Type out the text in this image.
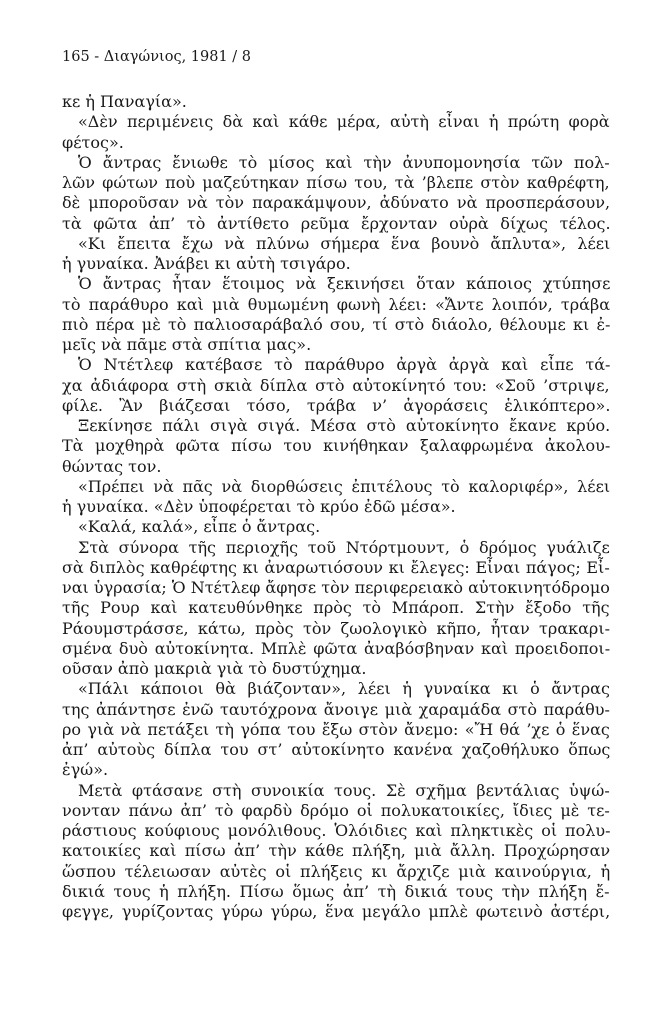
165 - Διαγώνιος, 1981 / 8
κε ἡ Παναγία».
«Δὲν περιμένεις δὰ καὶ κάθε μέρα, αὐτὴ εἶναι ἡ πρώτη φορὰ
φέτος».
Ὁ ἄντρας ἔνιωθε τὸ μίσος καὶ τὴν ἀνυπομονησία τῶν πολ-
λῶν φώτων ποὺ μαζεύτηκαν πίσω του, τὰ ’βλεπε στὸν καθρέφτη,
δὲ μποροῦσαν νὰ τὸν παρακάμψουν, ἀδύνατο νὰ προσπεράσουν,
τὰ φῶτα ἀπ’ τὸ ἀντίθετο ρεῦμα ἔρχονταν οὐρὰ δίχως τέλος.
«Κι ἔπειτα ἔχω νὰ πλύνω σήμερα ἕνα βουνὸ ἄπλυτα», λέει
ἡ γυναίκα. Ἀνάβει κι αὐτὴ τσιγάρο.
Ὁ ἄντρας ἦταν ἕτοιμος νὰ ξεκινήσει ὅταν κάποιος χτύπησε
τὸ παράθυρο καὶ μιὰ θυμωμένη φωνὴ λέει: «Ἄντε λοιπόν, τράβα
πιὸ πέρα μὲ τὸ παλιοσαράβαλό σου, τί στὸ διάολο, θέλουμε κι ἐ-
μεῖς νὰ πᾶμε στὰ σπίτια μας».
Ὁ Ντέτλεφ κατέβασε τὸ παράθυρο ἀργὰ ἀργὰ καὶ εἶπε τά-
χα ἀδιάφορα στὴ σκιὰ δίπλα στὸ αὐτοκίνητό του: «Σοῦ ’στριψε,
φίλε. Ἂν βιάζεσαι τόσο, τράβα ν’ ἀγοράσεις ἑλικόπτερο».
Ξεκίνησε πάλι σιγὰ σιγά. Μέσα στὸ αὐτοκίνητο ἔκανε κρύο.
Τὰ μοχθηρὰ φῶτα πίσω του κινήθηκαν ξαλαφρωμένα ἀκολου-
θώντας τον.
«Πρέπει νὰ πᾶς νὰ διορθώσεις ἐπιτέλους τὸ καλοριφέρ», λέει
ἡ γυναίκα. «Δὲν ὑποφέρεται τὸ κρύο ἐδῶ μέσα».
«Καλά, καλά», εἶπε ὁ ἄντρας.
Στὰ σύνορα τῆς περιοχῆς τοῦ Ντόρτμουντ, ὁ δρόμος γυάλιζε
σὰ διπλὸς καθρέφτης κι ἀναρωτιόσουν κι ἔλεγες: Εἶναι πάγος; Εἶ-
ναι ὑγρασία; Ὁ Ντέτλεφ ἄφησε τὸν περιφερειακὸ αὐτοκινητόδρομο
τῆς Ρουρ καὶ κατευθύνθηκε πρὸς τὸ Μπάροπ. Στὴν ἔξοδο τῆς
Ράουμστράσσε, κάτω, πρὸς τὸν ζωολογικὸ κῆπο, ἦταν τρακαρι-
σμένα δυὸ αὐτοκίνητα. Μπλὲ φῶτα ἀναβόσβηναν καὶ προειδοποι-
οῦσαν ἀπὸ μακριὰ γιὰ τὸ δυστύχημα.
«Πάλι κάποιοι θὰ βιάζονταν», λέει ἡ γυναίκα κι ὁ ἄντρας
της ἀπάντησε ἐνῶ ταυτόχρονα ἄνοιγε μιὰ χαραμάδα στὸ παράθυ-
ρο γιὰ νὰ πετάξει τὴ γόπα του ἔξω στὸν ἄνεμο: «Ἤ θά ’χε ὁ ἕνας
ἀπ’ αὐτοὺς δίπλα του στ’ αὐτοκίνητο κανένα χαζοθήλυκο ὅπως
ἐγώ».
Μετὰ φτάσανε στὴ συνοικία τους. Σὲ σχῆμα βεντάλιας ὑψώ-
νονταν πάνω ἀπ’ τὸ φαρδὺ δρόμο οἱ πολυκατοικίες, ἴδιες μὲ τε-
ράστιους κούφιους μονόλιθους. Ὁλόιδιες καὶ πληκτικὲς οἱ πολυ-
κατοικίες καὶ πίσω ἀπ’ τὴν κάθε πλήξη, μιὰ ἄλλη. Προχώρησαν
ὥσπου τέλειωσαν αὐτὲς οἱ πλήξεις κι ἄρχιζε μιὰ καινούργια, ἡ
δικιά τους ἡ πλήξη. Πίσω ὅμως ἀπ’ τὴ δικιά τους τὴν πλήξη ἔ-
φεγγε, γυρίζοντας γύρω γύρω, ἕνα μεγάλο μπλὲ φωτεινὸ ἀστέρι,
